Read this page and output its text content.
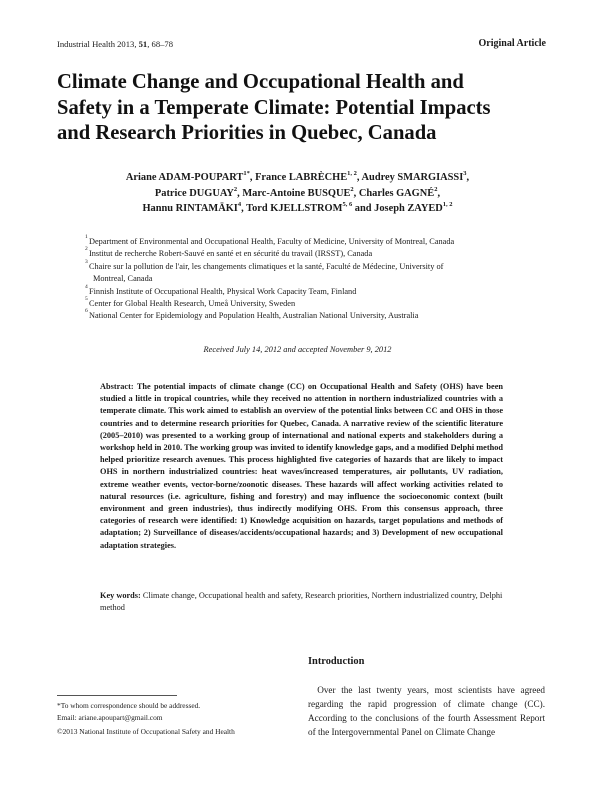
Industrial Health 2013, 51, 68–78	Original Article
Climate Change and Occupational Health and
Safety in a Temperate Climate: Potential Impacts
and Research Priorities in Quebec, Canada
Ariane ADAM-$POUPART^{1*}$, France LABRÈCHE$^{1, 2}$, Audrey SMARGIASSI$^3$,
Patrice DUGUAY$^2$, Marc-Antoine BUSQUE$^2$, Charles GAGNÉ$^2$,
Hannu RINTAMÄKI$^4$, Tord KJELLSTROM$^{5, 6}$ and Joseph ZAYED$^{1, 2}$
1 Department of Environmental and Occupational Health, Faculty of Medicine, University of Montreal, Canada
2 Institut de recherche Robert-Sauvé en santé et en sécurité du travail (IRSST), Canada
3 Chaire sur la pollution de l'air, les changements climatiques et la santé, Faculté de Médecine, University of
Montreal, Canada
4 Finnish Institute of Occupational Health, Physical Work Capacity Team, Finland
5 Center for Global Health Research, Umeå University, Sweden
6 National Center for Epidemiology and Population Health, Australian National University, Australia
Received July 14, 2012 and accepted November 9, 2012
Abstract: The potential impacts of climate change (CC) on Occupational Health and Safety (OHS) have been studied a little in tropical countries, while they received no attention in northern industrialized countries with a temperate climate. This work aimed to establish an overview of the potential links between CC and OHS in those countries and to determine research priorities for Quebec, Canada. A narrative review of the scientific literature (2005–2010) was presented to a working group of international and national experts and stakeholders during a workshop held in 2010. The working group was invited to identify knowledge gaps, and a modified Delphi method helped prioritize research avenues. This process highlighted five categories of hazards that are likely to impact OHS in northern industrialized countries: heat waves/increased temperatures, air pollutants, UV radiation, extreme weather events, vector-borne/zoonotic diseases. These hazards will affect working activities related to natural resources (i.e. agriculture, fishing and forestry) and may influence the socioeconomic context (built environment and green industries), thus indirectly modifying OHS. From this consensus approach, three categories of research were identified: 1) Knowledge acquisition on hazards, target populations and methods of adaptation; 2) Surveillance of diseases/accidents/occupational hazards; and 3) Development of new occupational adaptation strategies.
Key words: Climate change, Occupational health and safety, Research priorities, Northern industrialized country, Delphi method
Introduction
 Over the last twenty years, most scientists have agreed regarding the rapid progression of climate change (CC). According to the conclusions of the fourth Assessment Report of the Intergovernmental Panel on Climate Change
*To whom correspondence should be addressed.
Email: ariane.apoupart@gmail.com
©2013 National Institute of Occupational Safety and Health
